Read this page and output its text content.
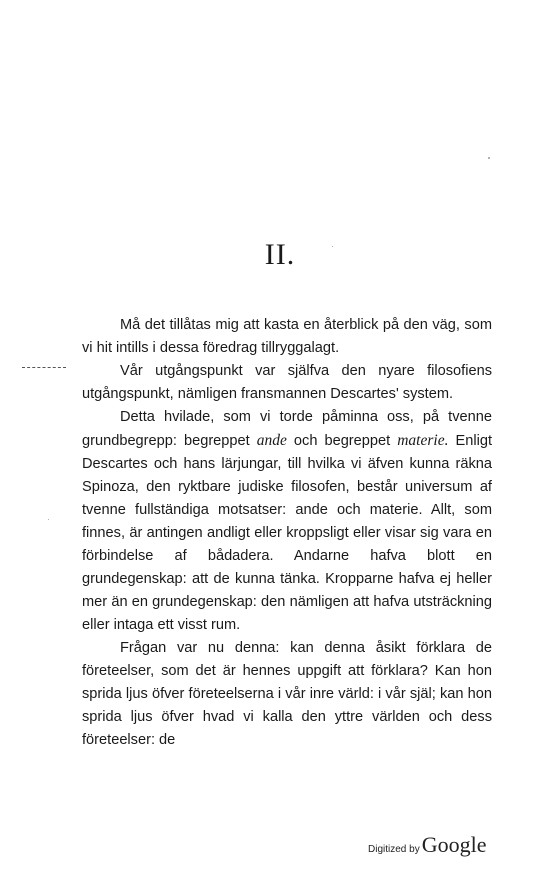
II.

Må det tillåtas mig att kasta en återblick på den väg, som vi hit intills i dessa föredrag tillryggalagt.

Vår utgångspunkt var själfva den nyare filosofiens utgångspunkt, nämligen fransmannen Descartes' system.

Detta hvilade, som vi torde påminna oss, på tvenne grundbegrepp: begreppet ande och begreppet materie. Enligt Descartes och hans lärjungar, till hvilka vi äfven kunna räkna Spinoza, den ryktbare judiske filosofen, består universum af tvenne fullständiga motsatser: ande och materie. Allt, som finnes, är antingen andligt eller kroppsligt eller visar sig vara en förbindelse af bådadera. Andarne hafva blott en grundegenskap: att de kunna tänka. Kropparne hafva ej heller mer än en grundegenskap: den nämligen att hafva utsträckning eller intaga ett visst rum.

Frågan var nu denna: kan denna åsikt förklara de företeelser, som det är hennes uppgift att förklara? Kan hon sprida ljus öfver företeelserna i vår inre värld: i vår själ; kan hon sprida ljus öfver hvad vi kalla den yttre världen och dess företeelser: de

Digitized by Google
